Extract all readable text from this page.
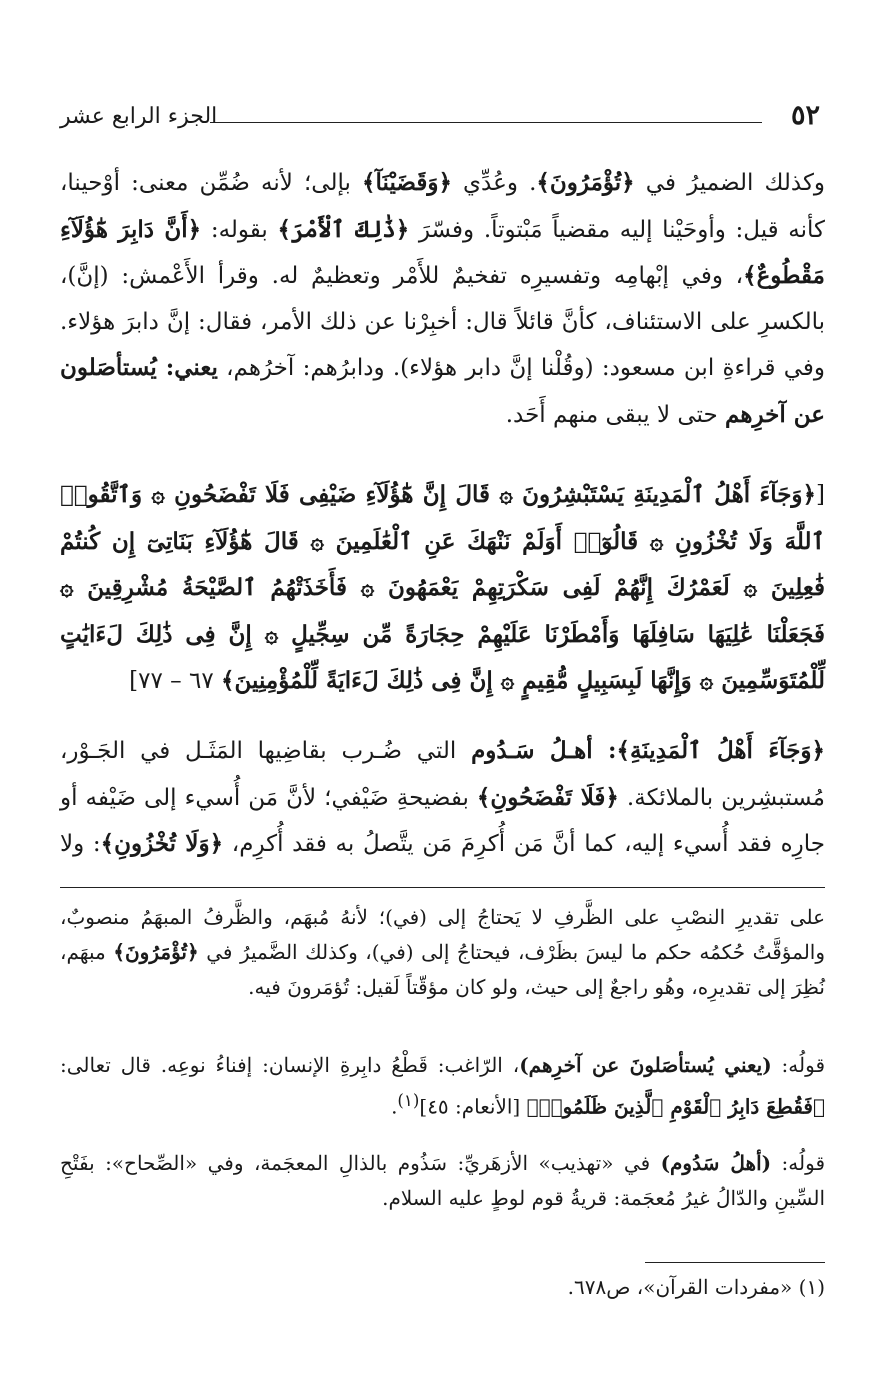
٥٢
الجزء الرابع عشر

وكذلك الضميرُ في ﴿تُؤْمَرُونَ﴾. وعُدِّي ﴿وَقَضَيْنَآ﴾ بإلى؛ لأنه ضُمِّن معنى: أوْحينا، كأنه قيل: وأوحَيْنا إليه مقضياً مَبْتوتاً. وفسّرَ ﴿ذَٰلِكَ ٱلْأَمْرَ﴾ بقوله: ﴿أَنَّ دَابِرَ هَٰٓؤُلَآءِ مَقْطُوعٌ﴾، وفي إبْهامِه وتفسيرِه تفخيمٌ للأَمْر وتعظيمٌ له. وقرأ الأَعْمش: (إنَّ)، بالكسرِ على الاستئناف، كأنَّ قائلاً قال: أخبِرْنا عن ذلك الأمر، فقال: إنَّ دابرَ هؤلاء. وفي قراءةِ ابن مسعود: (وقُلْنا إنَّ دابر هؤلاء). ودابرُهم: آخرُهم، يعني: يُستأصَلون عن آخرِهم حتى لا يبقى منهم أَحَد.

[﴿وَجَآءَ أَهْلُ ٱلْمَدِينَةِ يَسْتَبْشِرُونَ ۞ قَالَ إِنَّ هَٰٓؤُلَآءِ ضَيْفِى فَلَا تَفْضَحُونِ ۞ وَٱتَّقُوا۟ ٱللَّهَ وَلَا تُخْزُونِ ۞ قَالُوٓا۟ أَوَلَمْ نَنْهَكَ عَنِ ٱلْعَٰلَمِينَ ۞ قَالَ هَٰٓؤُلَآءِ بَنَاتِىٓ إِن كُنتُمْ فَٰعِلِينَ ۞ لَعَمْرُكَ إِنَّهُمْ لَفِى سَكْرَتِهِمْ يَعْمَهُونَ ۞ فَأَخَذَتْهُمُ ٱلصَّيْحَةُ مُشْرِقِينَ ۞ فَجَعَلْنَا عَٰلِيَهَا سَافِلَهَا وَأَمْطَرْنَا عَلَيْهِمْ حِجَارَةً مِّن سِجِّيلٍ ۞ إِنَّ فِى ذَٰلِكَ لَءَايَٰتٍ لِّلْمُتَوَسِّمِينَ ۞ وَإِنَّهَا لَبِسَبِيلٍ مُّقِيمٍ ۞ إِنَّ فِى ذَٰلِكَ لَءَايَةً لِّلْمُؤْمِنِينَ﴾ ٦٧ – ٧٧]

﴿وَجَآءَ أَهْلُ ٱلْمَدِينَةِ﴾: أهـلُ سَـدُوم التي ضُـرب بقاضِيها المَثَـل في الجَـوْر،
مُستبشِرين بالملائكة. ﴿فَلَا تَفْضَحُونِ﴾ بفضيحةِ ضَيْفي؛ لأنَّ مَن أُسيء إلى ضَيْفه أو
جارِه فقد أُسيء إليه، كما أنَّ مَن أُكرِمَ مَن يتَّصلُ به فقد أُكرِم، ﴿وَلَا تُخْزُونِ﴾: ولا

على تقديرِ النصْبِ على الظَّرفِ لا يَحتاجُ إلى (في)؛ لأنهُ مُبهَم، والظَّرفُ المبهَمُ منصوبٌ، والمؤقَّتُ حُكمُه حكم ما ليسَ بظَرْف، فيحتاجُ إلى (في)، وكذلك الضَّميرُ في ﴿تُؤْمَرُونَ﴾ مبهَم، نُظِرَ إلى تقديرِه، وهُو راجعٌ إلى حيث، ولو كان مؤقّتاً لَقيل: تُؤمَرونَ فيه.

قولُه: (يعني يُستأصَلونَ عن آخرِهم)، الرّاغب: قَطْعُ دابِرةِ الإنسان: إفناءُ نوعِه. قال تعالى: ﴿فَقُطِعَ دَابِرُ ٱلْقَوْمِ ٱلَّذِينَ ظَلَمُوا۟﴾ [الأنعام: ٤٥]$^{(١)}$.

قولُه: (أهلُ سَدُوم) في «تهذيب» الأزهَريِّ: سَذُوم بالذالِ المعجَمة، وفي «الصِّحاح»: بفَتْحِ السِّينِ والدّالُ غيرُ مُعجَمة: قريةُ قوم لوطٍ عليه السلام.

(١) «مفردات القرآن»، ص٦٧٨.
